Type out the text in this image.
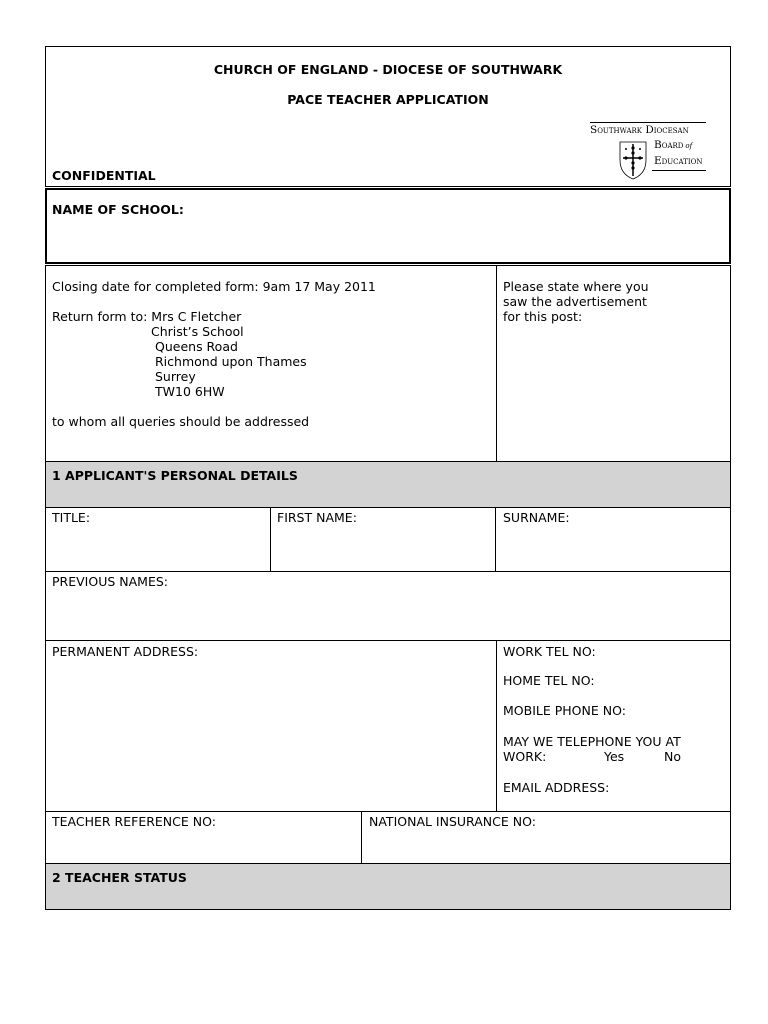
CHURCH OF ENGLAND - DIOCESE OF SOUTHWARK
PACE TEACHER APPLICATION
CONFIDENTIAL
Southwark Diocesan
Board of
Education
NAME OF SCHOOL:
Closing date for completed form: 9am 17 May 2011
Return form to: Mrs C Fletcher
Christ’s School
Queens Road
Richmond upon Thames
Surrey
TW10 6HW
to whom all queries should be addressed
Please state where you
saw the advertisement
for this post:
1 APPLICANT'S PERSONAL DETAILS
TITLE:	FIRST NAME:	SURNAME:
PREVIOUS NAMES:
PERMANENT ADDRESS:	WORK TEL NO:
HOME TEL NO:
MOBILE PHONE NO:
MAY WE TELEPHONE YOU AT
WORK:	Yes	No
EMAIL ADDRESS:
TEACHER REFERENCE NO:	NATIONAL INSURANCE NO:
2 TEACHER STATUS
